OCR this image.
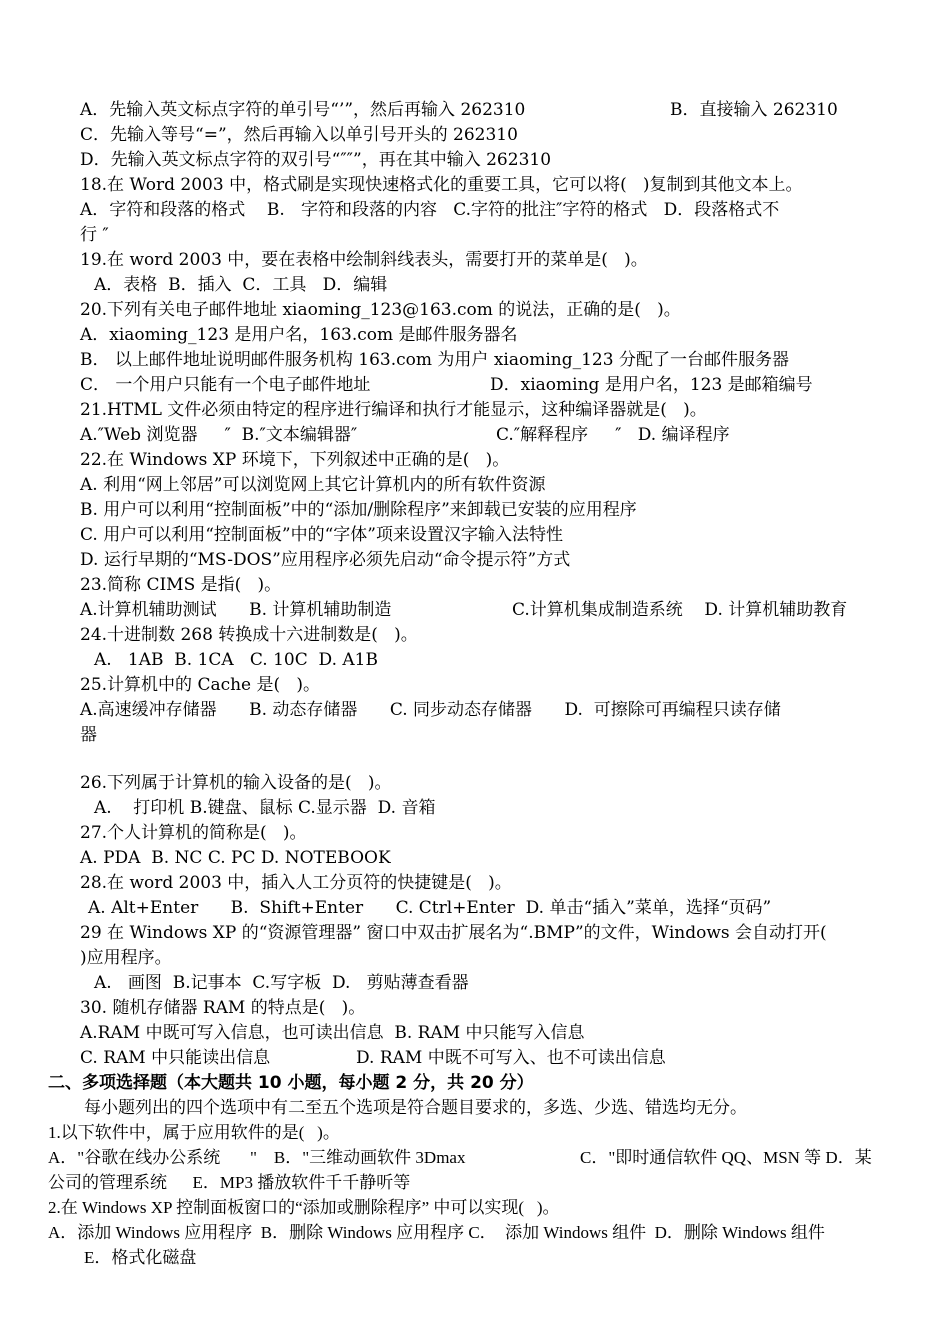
A．先输入英文标点字符的单引号“’”，然后再输入 262310	B．直接输入 262310
C．先输入等号“=”，然后再输入以单引号开头的 262310
D．先输入英文标点字符的双引号“″″”，再在其中输入 262310
18.在 Word 2003 中，格式刷是实现快速格式化的重要工具，它可以将(   )复制到其他文本上。
A．字符和段落的格式    B.   字符和段落的内容   C.字符的批注″字符的格式   D．段落格式不
行 ″
19.在 word 2003 中，要在表格中绘制斜线表头，需要打开的菜单是(   )。
A．表格  B．插入  C．工具   D．编辑
20.下列有关电子邮件地址 xiaoming_123@163.com 的说法，正确的是(   )。
A．xiaoming_123 是用户名，163.com 是邮件服务器名
B． 以上邮件地址说明邮件服务机构 163.com 为用户 xiaoming_123 分配了一台邮件服务器
C． 一个用户只能有一个电子邮件地址	D．xiaoming 是用户名，123 是邮箱编号
21.HTML 文件必须由特定的程序进行编译和执行才能显示，这种编译器就是(   )。
A.″Web 浏览器     ″  B.″文本编辑器″	C.″解释程序     ″   D. 编译程序
22.在 Windows XP 环境下，下列叙述中正确的是(   )。
A. 利用“网上邻居”可以浏览网上其它计算机内的所有软件资源
B. 用户可以利用“控制面板”中的“添加/删除程序”来卸载已安装的应用程序
C. 用户可以利用“控制面板”中的“字体”项来设置汉字输入法特性
D. 运行早期的“MS-DOS”应用程序必须先启动“命令提示符”方式
23.简称 CIMS 是指(   )。
A.计算机辅助测试      B. 计算机辅助制造	C.计算机集成制造系统    D. 计算机辅助教育
24.十进制数 268 转换成十六进制数是(   )。
A.   1AB  B. 1CA   C. 10C  D. A1B
25.计算机中的 Cache 是(   )。
A.高速缓冲存储器      B. 动态存储器      C. 同步动态存储器      D.  可擦除可再编程只读存储
器
26.下列属于计算机的输入设备的是(   )。
A.    打印机 B.键盘、鼠标 C.显示器  D. 音箱
27.个人计算机的简称是(   )。
A. PDA  B. NC C. PC D. NOTEBOOK
28.在 word 2003 中，插入人工分页符的快捷键是(   )。
A. Alt+Enter      B.  Shift+Enter      C. Ctrl+Enter  D. 单击“插入”菜单，选择“页码”
29 在 Windows XP 的“资源管理器” 窗口中双击扩展名为“.BMP”的文件，Windows 会自动打开(
)应用程序。
A.   画图  B.记事本  C.写字板  D.   剪贴薄查看器
30. 随机存储器 RAM 的特点是(   )。
A.RAM 中既可写入信息，也可读出信息  B. RAM 中只能写入信息
C. RAM 中只能读出信息	D. RAM 中既不可写入、也不可读出信息
二、多项选择题（本大题共 10 小题，每小题 2 分，共 20 分）
每小题列出的四个选项中有二至五个选项是符合题目要求的，多选、少选、错选均无分。
1.以下软件中，属于应用软件的是(   )。
A．"谷歌在线办公系统       "    B．"三维动画软件 3Dmax	C．"即时通信软件 QQ、MSN 等 D．某
公司的管理系统      E．MP3 播放软件千千静听等
2.在 Windows XP 控制面板窗口的“添加或删除程序” 中可以实现(   )。
A．添加 Windows 应用程序  B．删除 Windows 应用程序 C．  添加 Windows 组件  D．删除 Windows 组件
E．格式化磁盘
